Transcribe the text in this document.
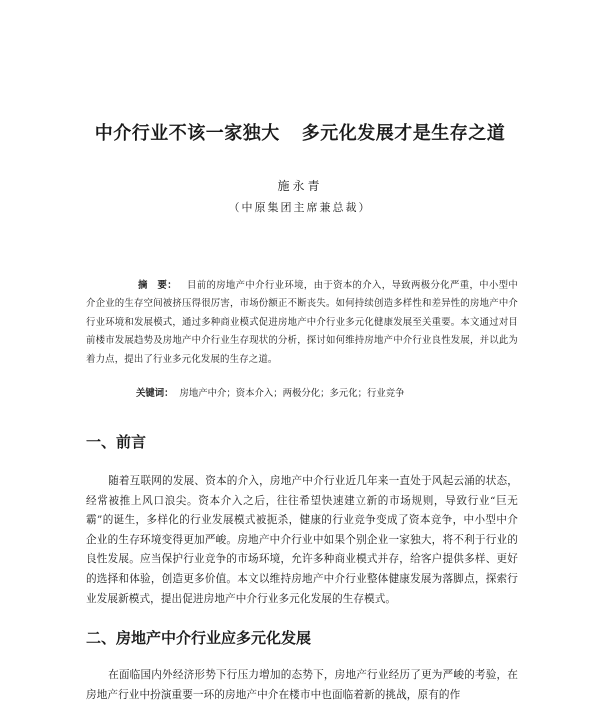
中介行业不该一家独大 多元化发展才是生存之道
施永青
（中原集团主席兼总裁）
摘　要： 目前的房地产中介行业环境，由于资本的介入，导致两极分化严重，中小型中介企业的生存空间被挤压得很厉害，市场份额正不断丧失。如何持续创造多样性和差异性的房地产中介行业环境和发展模式，通过多种商业模式促进房地产中介行业多元化健康发展至关重要。本文通过对目前楼市发展趋势及房地产中介行业生存现状的分析，探讨如何维持房地产中介行业良性发展，并以此为着力点，提出了行业多元化发展的生存之道。
关键词： 房地产中介；资本介入；两极分化；多元化；行业竞争
一、前言
随着互联网的发展、资本的介入，房地产中介行业近几年来一直处于风起云涌的状态，经常被推上风口浪尖。资本介入之后，往往希望快速建立新的市场规则，导致行业“巨无霸”的诞生，多样化的行业发展模式被扼杀，健康的行业竞争变成了资本竞争，中小型中介企业的生存环境变得更加严峻。房地产中介行业中如果个别企业一家独大，将不利于行业的良性发展。应当保护行业竞争的市场环境，允许多种商业模式并存，给客户提供多样、更好的选择和体验，创造更多价值。本文以维持房地产中介行业整体健康发展为落脚点，探索行业发展新模式，提出促进房地产中介行业多元化发展的生存模式。
二、房地产中介行业应多元化发展
在面临国内外经济形势下行压力增加的态势下，房地产行业经历了更为严峻的考验，在房地产行业中扮演重要一环的房地产中介在楼市中也面临着新的挑战，原有的作
